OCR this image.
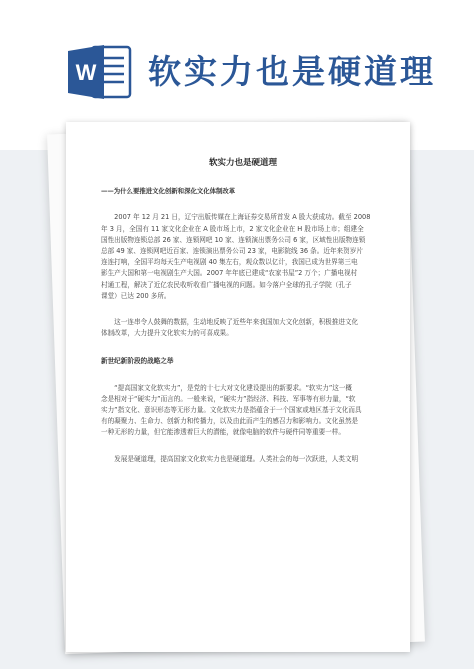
W 软实力也是硬道理
软实力也是硬道理
——为什么要推进文化创新和深化文化体制改革
　　2007 年 12 月 21 日，辽宁出版传媒在上海证券交易所首发 A 股大获成功。截至 2008
年 3 月，全国有 11 家文化企业在 A 股市场上市，2 家文化企业在 H 股市场上市；组建全
国性出版物连锁总部 26 家、连锁网吧 10 家、连锁演出票务公司 6 家，区域性出版物连锁
总部 49 家、连锁网吧近百家、连锁演出票务公司 23 家，电影院线 36 条。近年来贺岁片
连连打响，全国平均每天生产电视剧 40 集左右，观众数以亿计，我国已成为世界第三电
影生产大国和第一电视剧生产大国。2007 年年底已建成“农家书屋”2 万个；广播电视村
村通工程，解决了近亿农民收听收看广播电视的问题。如今落户全球的孔子学院（孔子
课堂）已达 200 多所。
　　这一连串令人鼓舞的数据，生动地反映了近些年来我国加大文化创新，积极推进文化
体制改革，大力提升文化软实力的可喜成果。
新世纪新阶段的战略之举
　　“提高国家文化软实力”，是党的十七大对文化建设提出的新要求。“软实力”这一概
念是相对于“硬实力”而言的。一般来说，“硬实力”指经济、科技、军事等有形力量，“软
实力”指文化、意识形态等无形力量。文化软实力是指蕴含于一个国家或地区基于文化而具
有的凝聚力、生命力、创新力和传播力，以及由此而产生的感召力和影响力。文化虽然是
一种无形的力量，但它能渗透着巨大的潜能，就像电脑的软件与硬件同等重要一样。
　　发展是硬道理，提高国家文化软实力也是硬道理。人类社会的每一次跃进，人类文明
